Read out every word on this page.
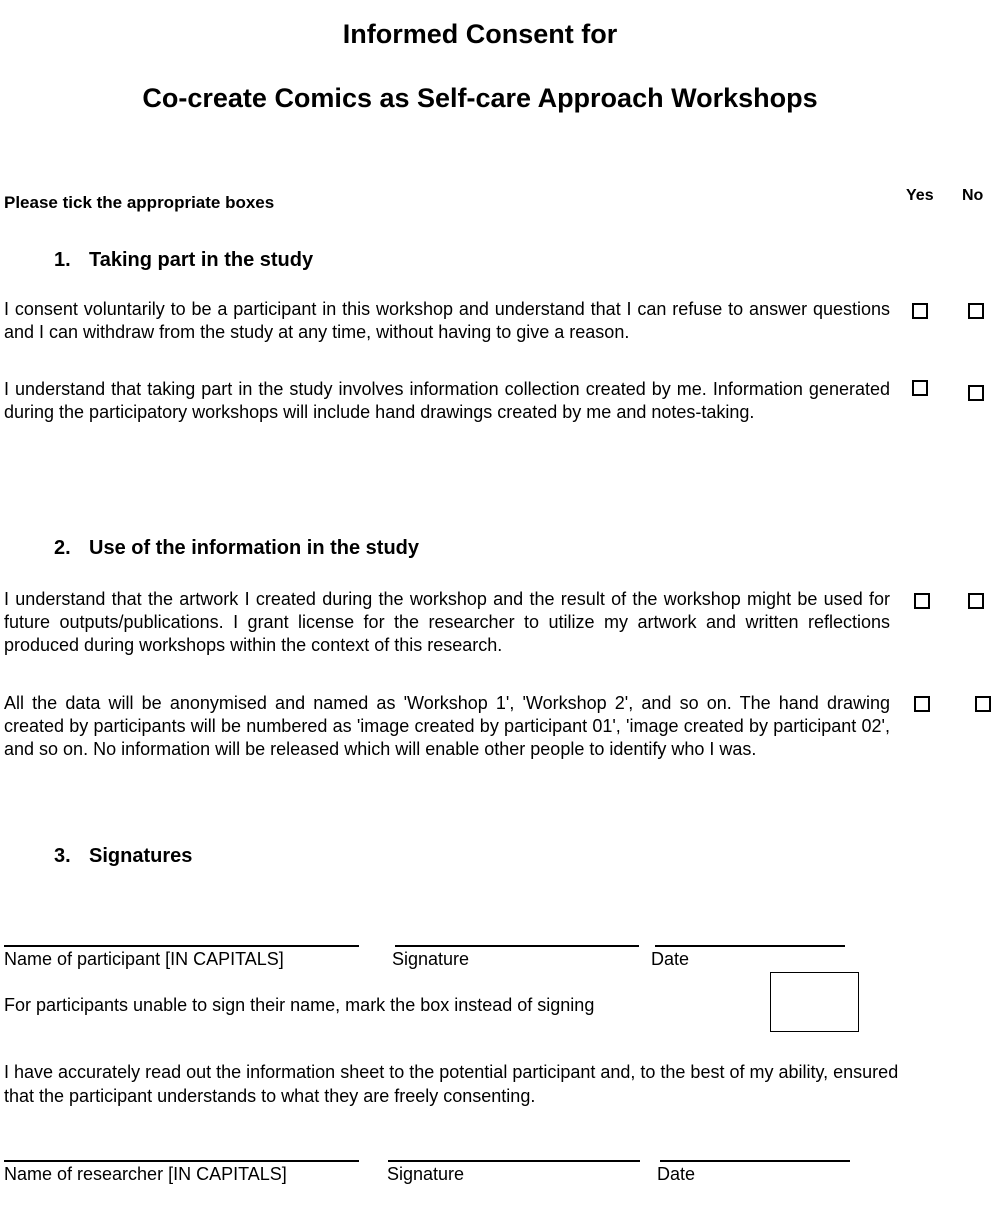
Informed Consent for
Co-create Comics as Self-care Approach Workshops
Please tick the appropriate boxes	Yes No
1. Taking part in the study
I consent voluntarily to be a participant in this workshop and understand that I can refuse to answer questions and I can withdraw from the study at any time, without having to give a reason.
I understand that taking part in the study involves information collection created by me. Information generated during the participatory workshops will include hand drawings created by me and notes-taking.
2. Use of the information in the study
I understand that the artwork I created during the workshop and the result of the workshop might be used for future outputs/publications. I grant license for the researcher to utilize my artwork and written reflections produced during workshops within the context of this research.
All the data will be anonymised and named as 'Workshop 1', 'Workshop 2', and so on. The hand drawing created by participants will be numbered as 'image created by participant 01', 'image created by participant 02', and so on. No information will be released which will enable other people to identify who I was.
3. Signatures
Name of participant [IN CAPITALS]	Signature	Date
For participants unable to sign their name, mark the box instead of signing
I have accurately read out the information sheet to the potential participant and, to the best of my ability, ensured that the participant understands to what they are freely consenting.
Name of researcher [IN CAPITALS]	Signature	Date
